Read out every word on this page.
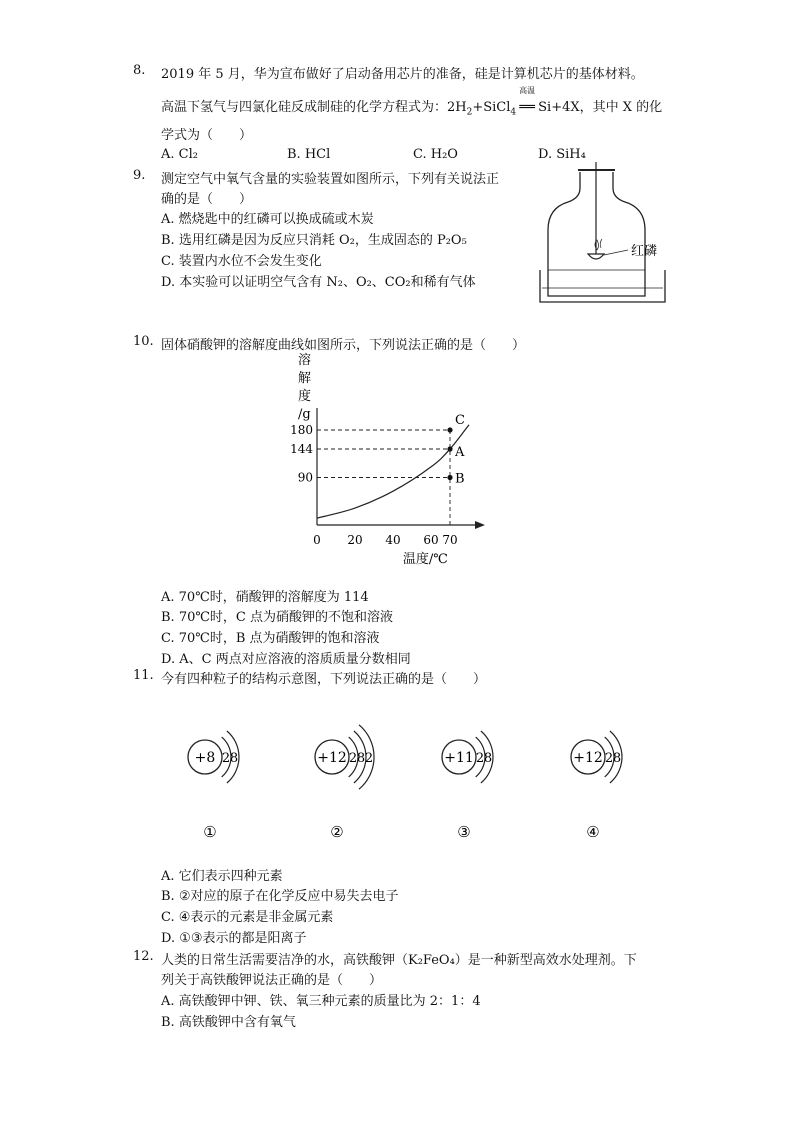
8. 2019 年 5 月，华为宣布做好了启动备用芯片的准备，硅是计算机芯片的基体材料。
高温下氢气与四氯化硅反成制硅的化学方程式为：$2H_2+SiCl_4$
高温
══ Si+4X，其中 X 的化
学式为（　　）
A. Cl₂	B. HCl	C. H₂O	D. SiH₄
9. 测定空气中氧气含量的实验装置如图所示，下列有关说法正
确的是（　　）
A. 燃烧匙中的红磷可以换成硫或木炭
B. 选用红磷是因为反应只消耗 O₂，生成固态的 P₂O₅
C. 装置内水位不会发生变化
D. 本实验可以证明空气含有 N₂、O₂、CO₂和稀有气体
红磷
10. 固体硝酸钾的溶解度曲线如图所示，下列说法正确的是（　　）
溶
解
度
/g	C
A
B
0 20 40 60 70
180
144
90
温度/℃
A. 70℃时，硝酸钾的溶解度为 114
B. 70℃时，C 点为硝酸钾的不饱和溶液
C. 70℃时，B 点为硝酸钾的饱和溶液
D. A、C 两点对应溶液的溶质质量分数相同
11. 今有四种粒子的结构示意图，下列说法正确的是（　　）
+8 2 8
①
+12 2 8 2
②
+11 2 8
③
+12 2 8
④
A. 它们表示四种元素
B. ②对应的原子在化学反应中易失去电子
C. ④表示的元素是非金属元素
D. ①③表示的都是阳离子
12. 人类的日常生活需要洁净的水，高铁酸钾（K₂FeO₄）是一种新型高效水处理剂。下
列关于高铁酸钾说法正确的是（　　）
A. 高铁酸钾中钾、铁、氧三种元素的质量比为 2：1：4
B. 高铁酸钾中含有氧气
